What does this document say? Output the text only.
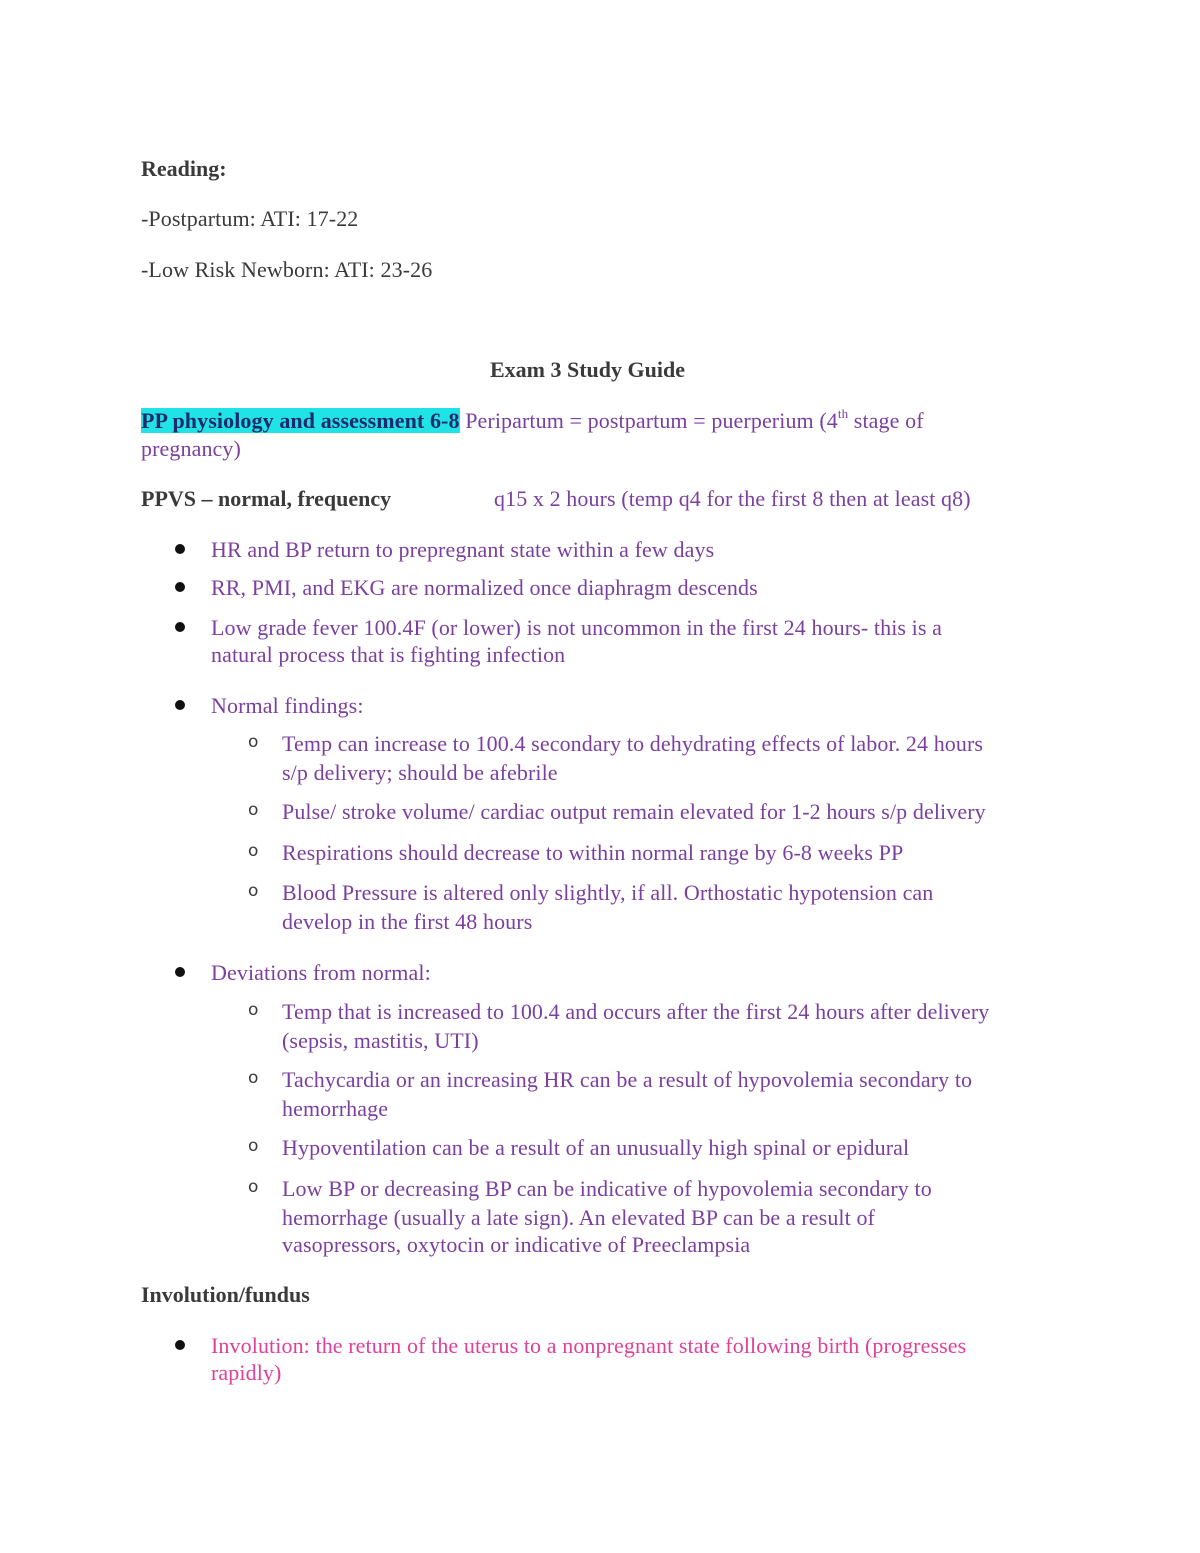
Reading:
-Postpartum: ATI: 17-22
-Low Risk Newborn: ATI: 23-26
Exam 3 Study Guide
PP physiology and assessment 6-8 Peripartum = postpartum = puerperium (4th stage of
pregnancy)
PPVS – normal, frequency	q15 x 2 hours (temp q4 for the first 8 then at least q8)
HR and BP return to prepregnant state within a few days
RR, PMI, and EKG are normalized once diaphragm descends
Low grade fever 100.4F (or lower) is not uncommon in the first 24 hours- this is a
natural process that is fighting infection
Normal findings:
o Temp can increase to 100.4 secondary to dehydrating effects of labor. 24 hours
s/p delivery; should be afebrile
o Pulse/ stroke volume/ cardiac output remain elevated for 1-2 hours s/p delivery
o Respirations should decrease to within normal range by 6-8 weeks PP
o Blood Pressure is altered only slightly, if all. Orthostatic hypotension can
develop in the first 48 hours
Deviations from normal:
o Temp that is increased to 100.4 and occurs after the first 24 hours after delivery
(sepsis, mastitis, UTI)
o Tachycardia or an increasing HR can be a result of hypovolemia secondary to
hemorrhage
o Hypoventilation can be a result of an unusually high spinal or epidural
o Low BP or decreasing BP can be indicative of hypovolemia secondary to
hemorrhage (usually a late sign). An elevated BP can be a result of
vasopressors, oxytocin or indicative of Preeclampsia
Involution/fundus
Involution: the return of the uterus to a nonpregnant state following birth (progresses
rapidly)
